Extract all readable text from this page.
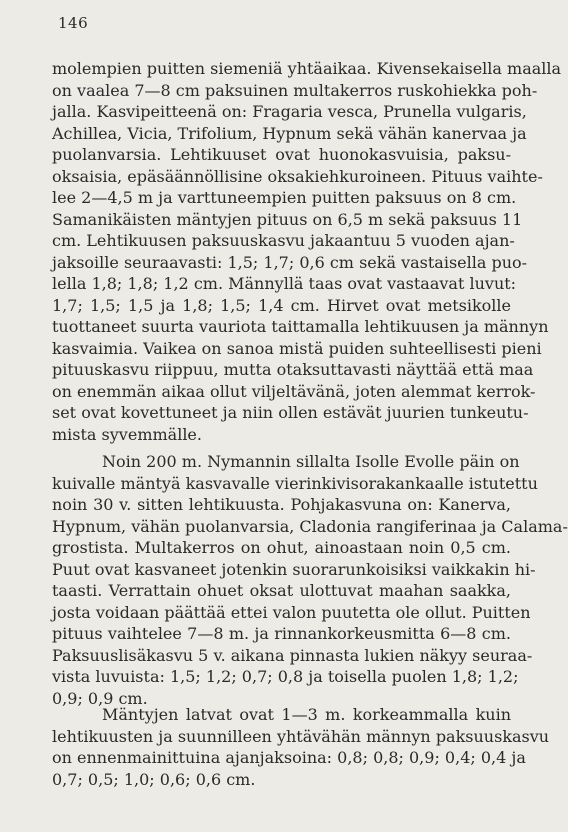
146
molempien puitten siemeniä yhtäaikaa. Kivensekaisella maalla
on vaalea 7—8 cm paksuinen multakerros ruskohiekka poh-
jalla. Kasvipeitteenä on: Fragaria vesca, Prunella vulgaris,
Achillea, Vicia, Trifolium, Hypnum sekä vähän kanervaa ja
puolanvarsia. Lehtikuuset ovat huonokasvuisia, paksu-
oksaisia, epäsäännöllisine oksakiehkuroineen. Pituus vaihte-
lee 2—4,5 m ja varttuneempien puitten paksuus on 8 cm.
Samanikäisten mäntyjen pituus on 6,5 m sekä paksuus 11
cm. Lehtikuusen paksuuskasvu jakaantuu 5 vuoden ajan-
jaksoille seuraavasti: 1,5; 1,7; 0,6 cm sekä vastaisella puo-
lella 1,8; 1,8; 1,2 cm. Männyllä taas ovat vastaavat luvut:
1,7; 1,5; 1,5 ja 1,8; 1,5; 1,4 cm. Hirvet ovat metsikolle
tuottaneet suurta vauriota taittamalla lehtikuusen ja männyn
kasvaimia. Vaikea on sanoa mistä puiden suhteellisesti pieni
pituuskasvu riippuu, mutta otaksuttavasti näyttää että maa
on enemmän aikaa ollut viljeltävänä, joten alemmat kerrok-
set ovat kovettuneet ja niin ollen estävät juurien tunkeutu-
mista syvemmälle.
Noin 200 m. Nymannin sillalta Isolle Evolle päin on
kuivalle mäntyä kasvavalle vierinkivisorakankaalle istutettu
noin 30 v. sitten lehtikuusta. Pohjakasvuna on: Kanerva,
Hypnum, vähän puolanvarsia, Cladonia rangiferinaa ja Calama-
grostista. Multakerros on ohut, ainoastaan noin 0,5 cm.
Puut ovat kasvaneet jotenkin suorarunkoisiksi vaikkakin hi-
taasti. Verrattain ohuet oksat ulottuvat maahan saakka,
josta voidaan päättää ettei valon puutetta ole ollut. Puitten
pituus vaihtelee 7—8 m. ja rinnankorkeusmitta 6—8 cm.
Paksuuslisäkasvu 5 v. aikana pinnasta lukien näkyy seuraa-
vista luvuista: 1,5; 1,2; 0,7; 0,8 ja toisella puolen 1,8; 1,2;
0,9; 0,9 cm.
Mäntyjen latvat ovat 1—3 m. korkeammalla kuin
lehtikuusten ja suunnilleen yhtävähän männyn paksuuskasvu
on ennenmainittuina ajanjaksoina: 0,8; 0,8; 0,9; 0,4; 0,4 ja
0,7; 0,5; 1,0; 0,6; 0,6 cm.
